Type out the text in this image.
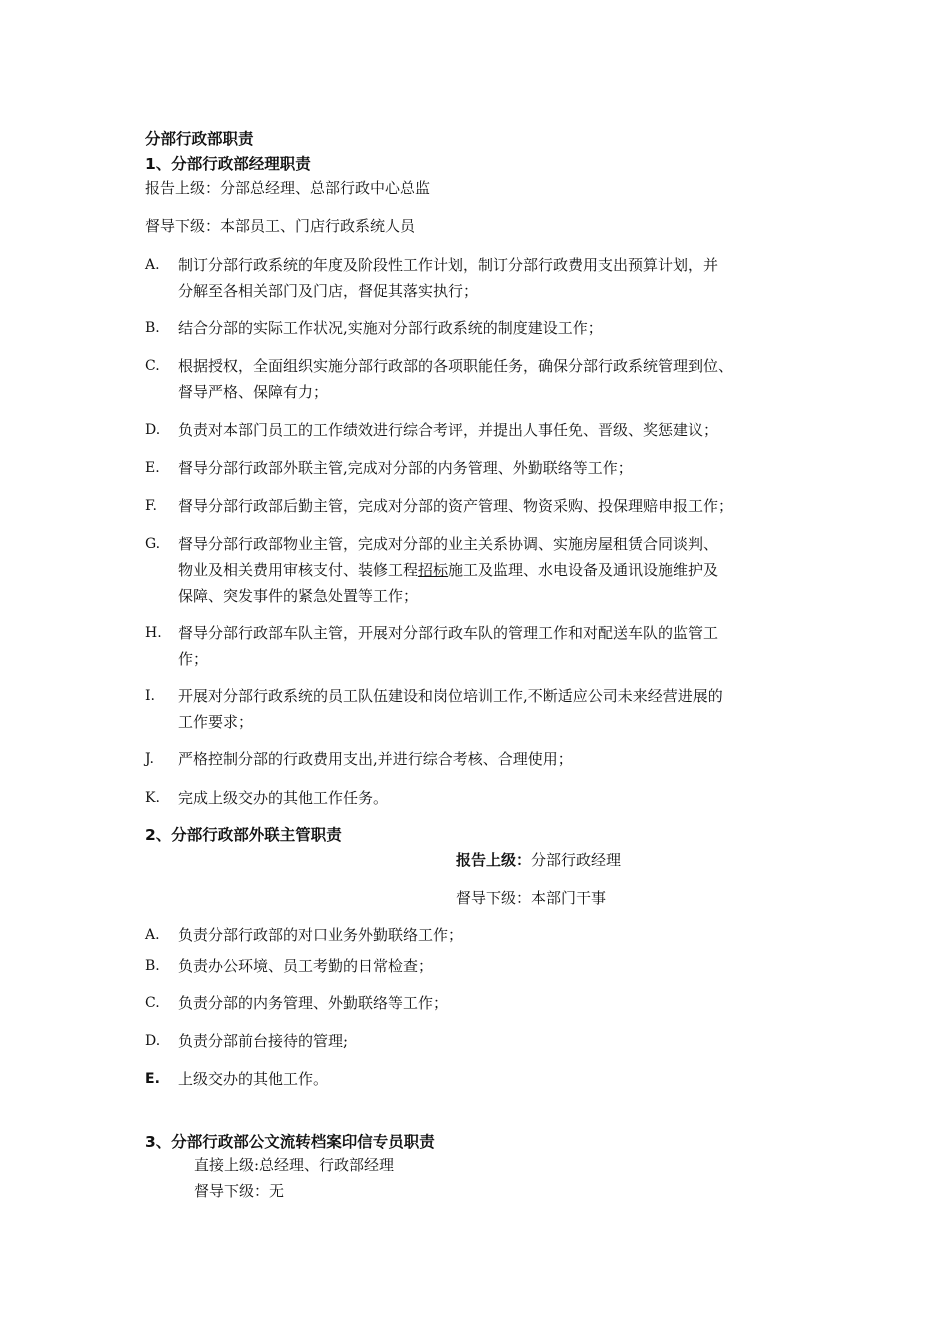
分部行政部职责
1、分部行政部经理职责
报告上级：分部总经理、总部行政中心总监
督导下级：本部员工、门店行政系统人员
A. 制订分部行政系统的年度及阶段性工作计划，制订分部行政费用支出预算计划，并
分解至各相关部门及门店，督促其落实执行；
B. 结合分部的实际工作状况,实施对分部行政系统的制度建设工作；
C. 根据授权，全面组织实施分部行政部的各项职能任务，确保分部行政系统管理到位、
督导严格、保障有力；
D. 负责对本部门员工的工作绩效进行综合考评，并提出人事任免、晋级、奖惩建议；
E. 督导分部行政部外联主管,完成对分部的内务管理、外勤联络等工作；
F. 督导分部行政部后勤主管，完成对分部的资产管理、物资采购、投保理赔申报工作；
G. 督导分部行政部物业主管，完成对分部的业主关系协调、实施房屋租赁合同谈判、
物业及相关费用审核支付、装修工程招标施工及监理、水电设备及通讯设施维护及
保障、突发事件的紧急处置等工作；
H. 督导分部行政部车队主管，开展对分部行政车队的管理工作和对配送车队的监管工
作；
I. 开展对分部行政系统的员工队伍建设和岗位培训工作,不断适应公司未来经营进展的
工作要求；
J. 严格控制分部的行政费用支出,并进行综合考核、合理使用；
K. 完成上级交办的其他工作任务。
2、分部行政部外联主管职责
报告上级：分部行政经理
督导下级：本部门干事
A. 负责分部行政部的对口业务外勤联络工作；
B. 负责办公环境、员工考勤的日常检查；
C. 负责分部的内务管理、外勤联络等工作；
D. 负责分部前台接待的管理;
E. 上级交办的其他工作。
3、分部行政部公文流转档案印信专员职责
直接上级:总经理、行政部经理
督导下级：无
